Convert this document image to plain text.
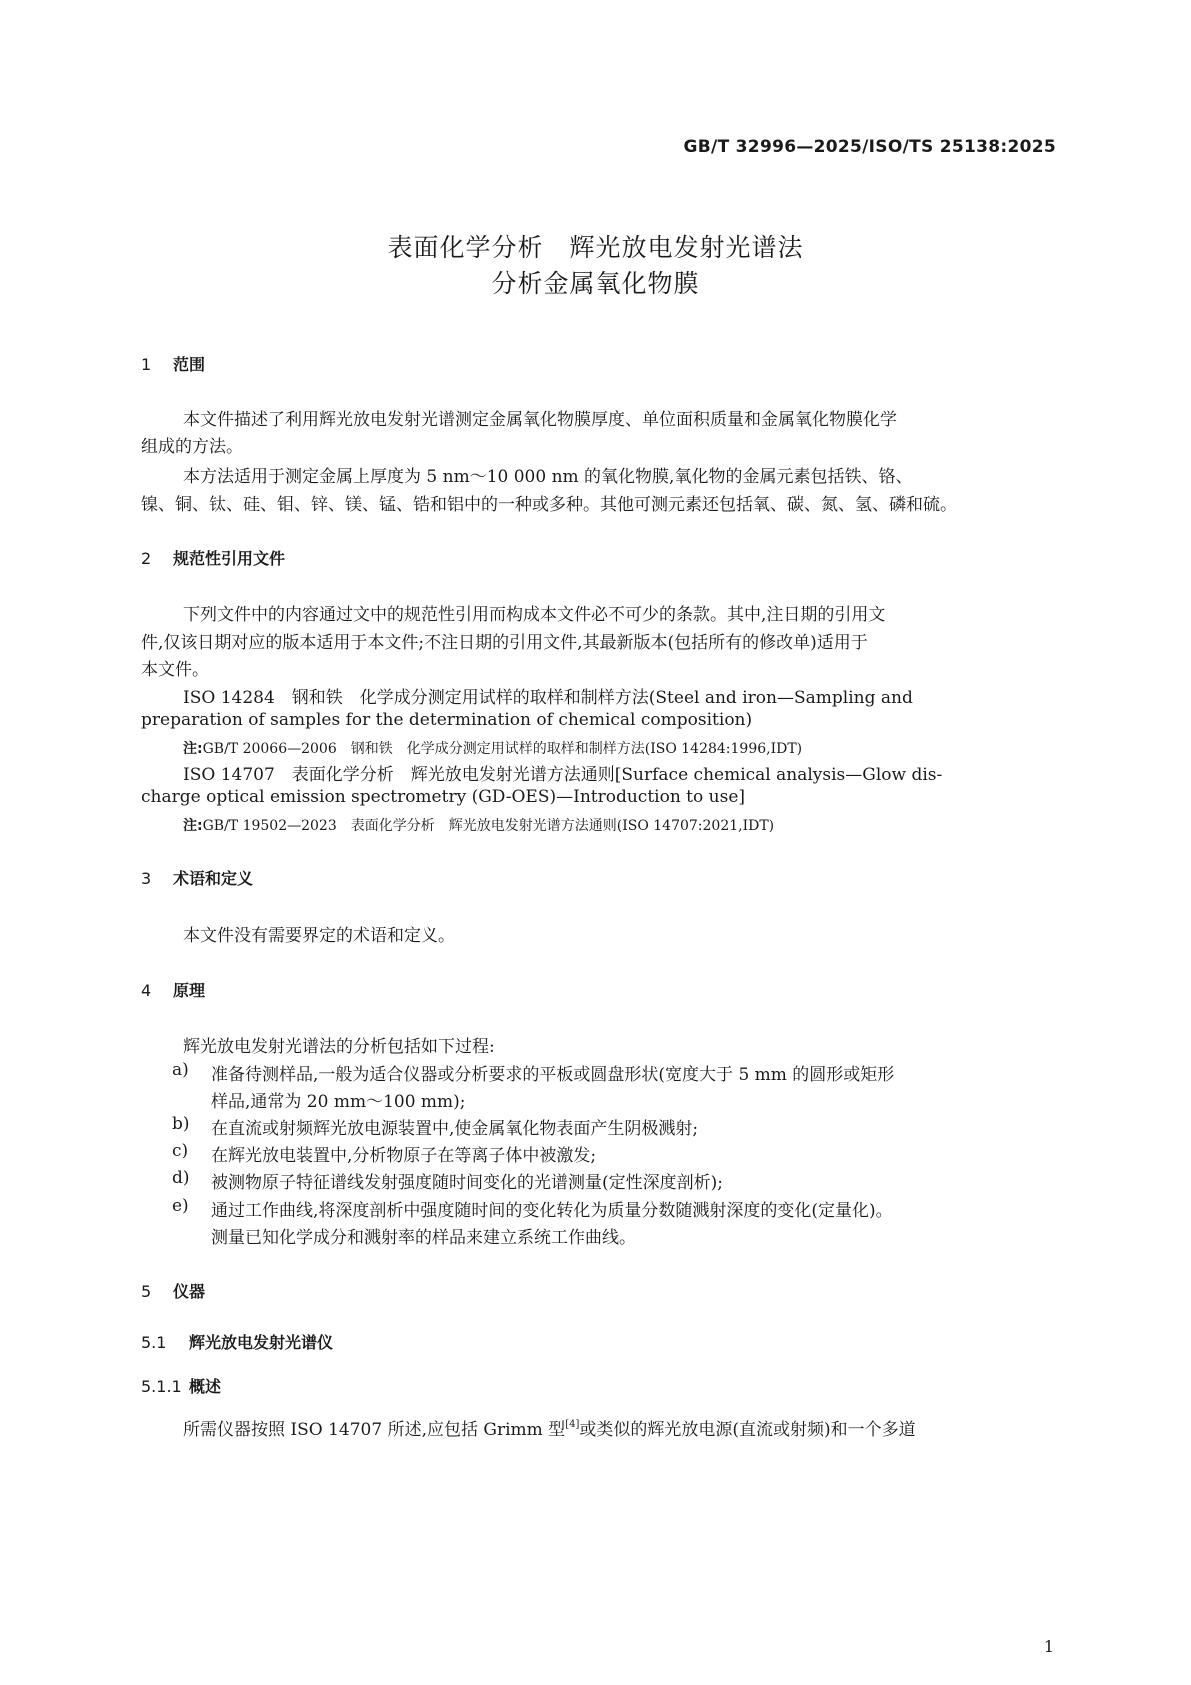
GB/T 32996—2025/ISO/TS 25138:2025
表面化学分析　辉光放电发射光谱法
分析金属氧化物膜
1 范围
本文件描述了利用辉光放电发射光谱测定金属氧化物膜厚度、单位面积质量和金属氧化物膜化学
组成的方法。
本方法适用于测定金属上厚度为 5 nm～10 000 nm 的氧化物膜,氧化物的金属元素包括铁、铬、
镍、铜、钛、硅、钼、锌、镁、锰、锆和铝中的一种或多种。其他可测元素还包括氧、碳、氮、氢、磷和硫。
2 规范性引用文件
下列文件中的内容通过文中的规范性引用而构成本文件必不可少的条款。其中,注日期的引用文
件,仅该日期对应的版本适用于本文件;不注日期的引用文件,其最新版本(包括所有的修改单)适用于
本文件。
ISO 14284　钢和铁　化学成分测定用试样的取样和制样方法(Steel and iron—Sampling and
preparation of samples for the determination of chemical composition)
注:GB/T 20066—2006　钢和铁　化学成分测定用试样的取样和制样方法(ISO 14284:1996,IDT)
ISO 14707　表面化学分析　辉光放电发射光谱方法通则[Surface chemical analysis—Glow dis-
charge optical emission spectrometry (GD-OES)—Introduction to use]
注:GB/T 19502—2023　表面化学分析　辉光放电发射光谱方法通则(ISO 14707:2021,IDT)
3 术语和定义
本文件没有需要界定的术语和定义。
4 原理
辉光放电发射光谱法的分析包括如下过程:
a) 准备待测样品,一般为适合仪器或分析要求的平板或圆盘形状(宽度大于 5 mm 的圆形或矩形
样品,通常为 20 mm～100 mm);
b) 在直流或射频辉光放电源装置中,使金属氧化物表面产生阴极溅射;
c) 在辉光放电装置中,分析物原子在等离子体中被激发;
d) 被测物原子特征谱线发射强度随时间变化的光谱测量(定性深度剖析);
e) 通过工作曲线,将深度剖析中强度随时间的变化转化为质量分数随溅射深度的变化(定量化)。
测量已知化学成分和溅射率的样品来建立系统工作曲线。
5 仪器
5.1 辉光放电发射光谱仪
5.1.1 概述
所需仪器按照 ISO 14707 所述,应包括 Grimm 型[4]或类似的辉光放电源(直流或射频)和一个多道
1
